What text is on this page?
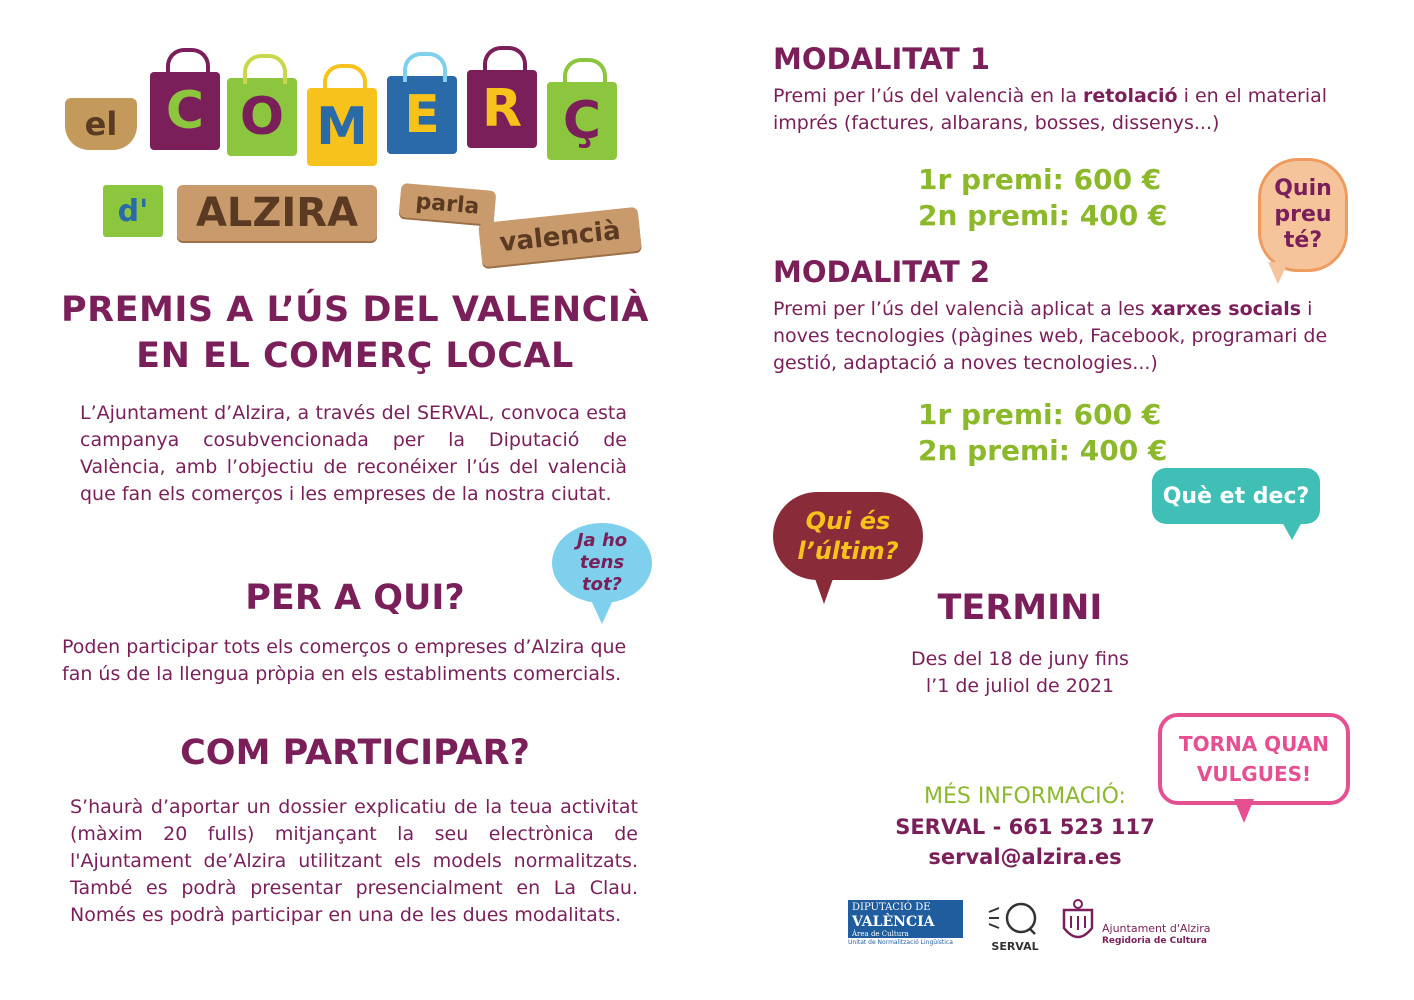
el C O M E R Ç
d' ALZIRA	parla
valencià
PREMIS A L’ÚS DEL VALENCIÀ
EN EL COMERÇ LOCAL
L’Ajuntament d’Alzira, a través del SERVAL, convoca esta campanya cosubvencionada per la Diputació de València, amb l’objectiu de reconéixer l’ús del valencià que fan els comerços i les empreses de la nostra ciutat.
Ja ho tens tot?
PER A QUI?
Poden participar tots els comerços o empreses d’Alzira que fan ús de la llengua pròpia en els establiments comercials.
COM PARTICIPAR?
S’haurà d’aportar un dossier explicatiu de la teua activitat (màxim 20 fulls) mitjançant la seu electrònica de l'Ajuntament de’Alzira utilitzant els models normalitzats. També es podrà presentar presencialment en La Clau. Només es podrà participar en una de les dues modalitats.
MODALITAT 1
Premi per l’ús del valencià en la retolació i en el material imprés (factures, albarans, bosses, dissenys...)
1r premi: 600 €
2n premi: 400 €
Quin preu té?
MODALITAT 2
Premi per l’ús del valencià aplicat a les xarxes socials i noves tecnologies (pàgines web, Facebook, programari de gestió, adaptació a noves tecnologies...)
1r premi: 600 €
2n premi: 400 €
Què et dec?
Qui és l’últim?
TERMINI
Des del 18 de juny fins
l’1 de juliol de 2021
TORNA QUAN VULGUES!
MÉS INFORMACIÓ:
SERVAL - 661 523 117
serval@alzira.es
DIPUTACIÓ DE
VALÈNCIA
Àrea de Cultura
Unitat de Normalització Lingüística	SERVAL
Ajuntament d'Alzira
Regidoria de Cultura
